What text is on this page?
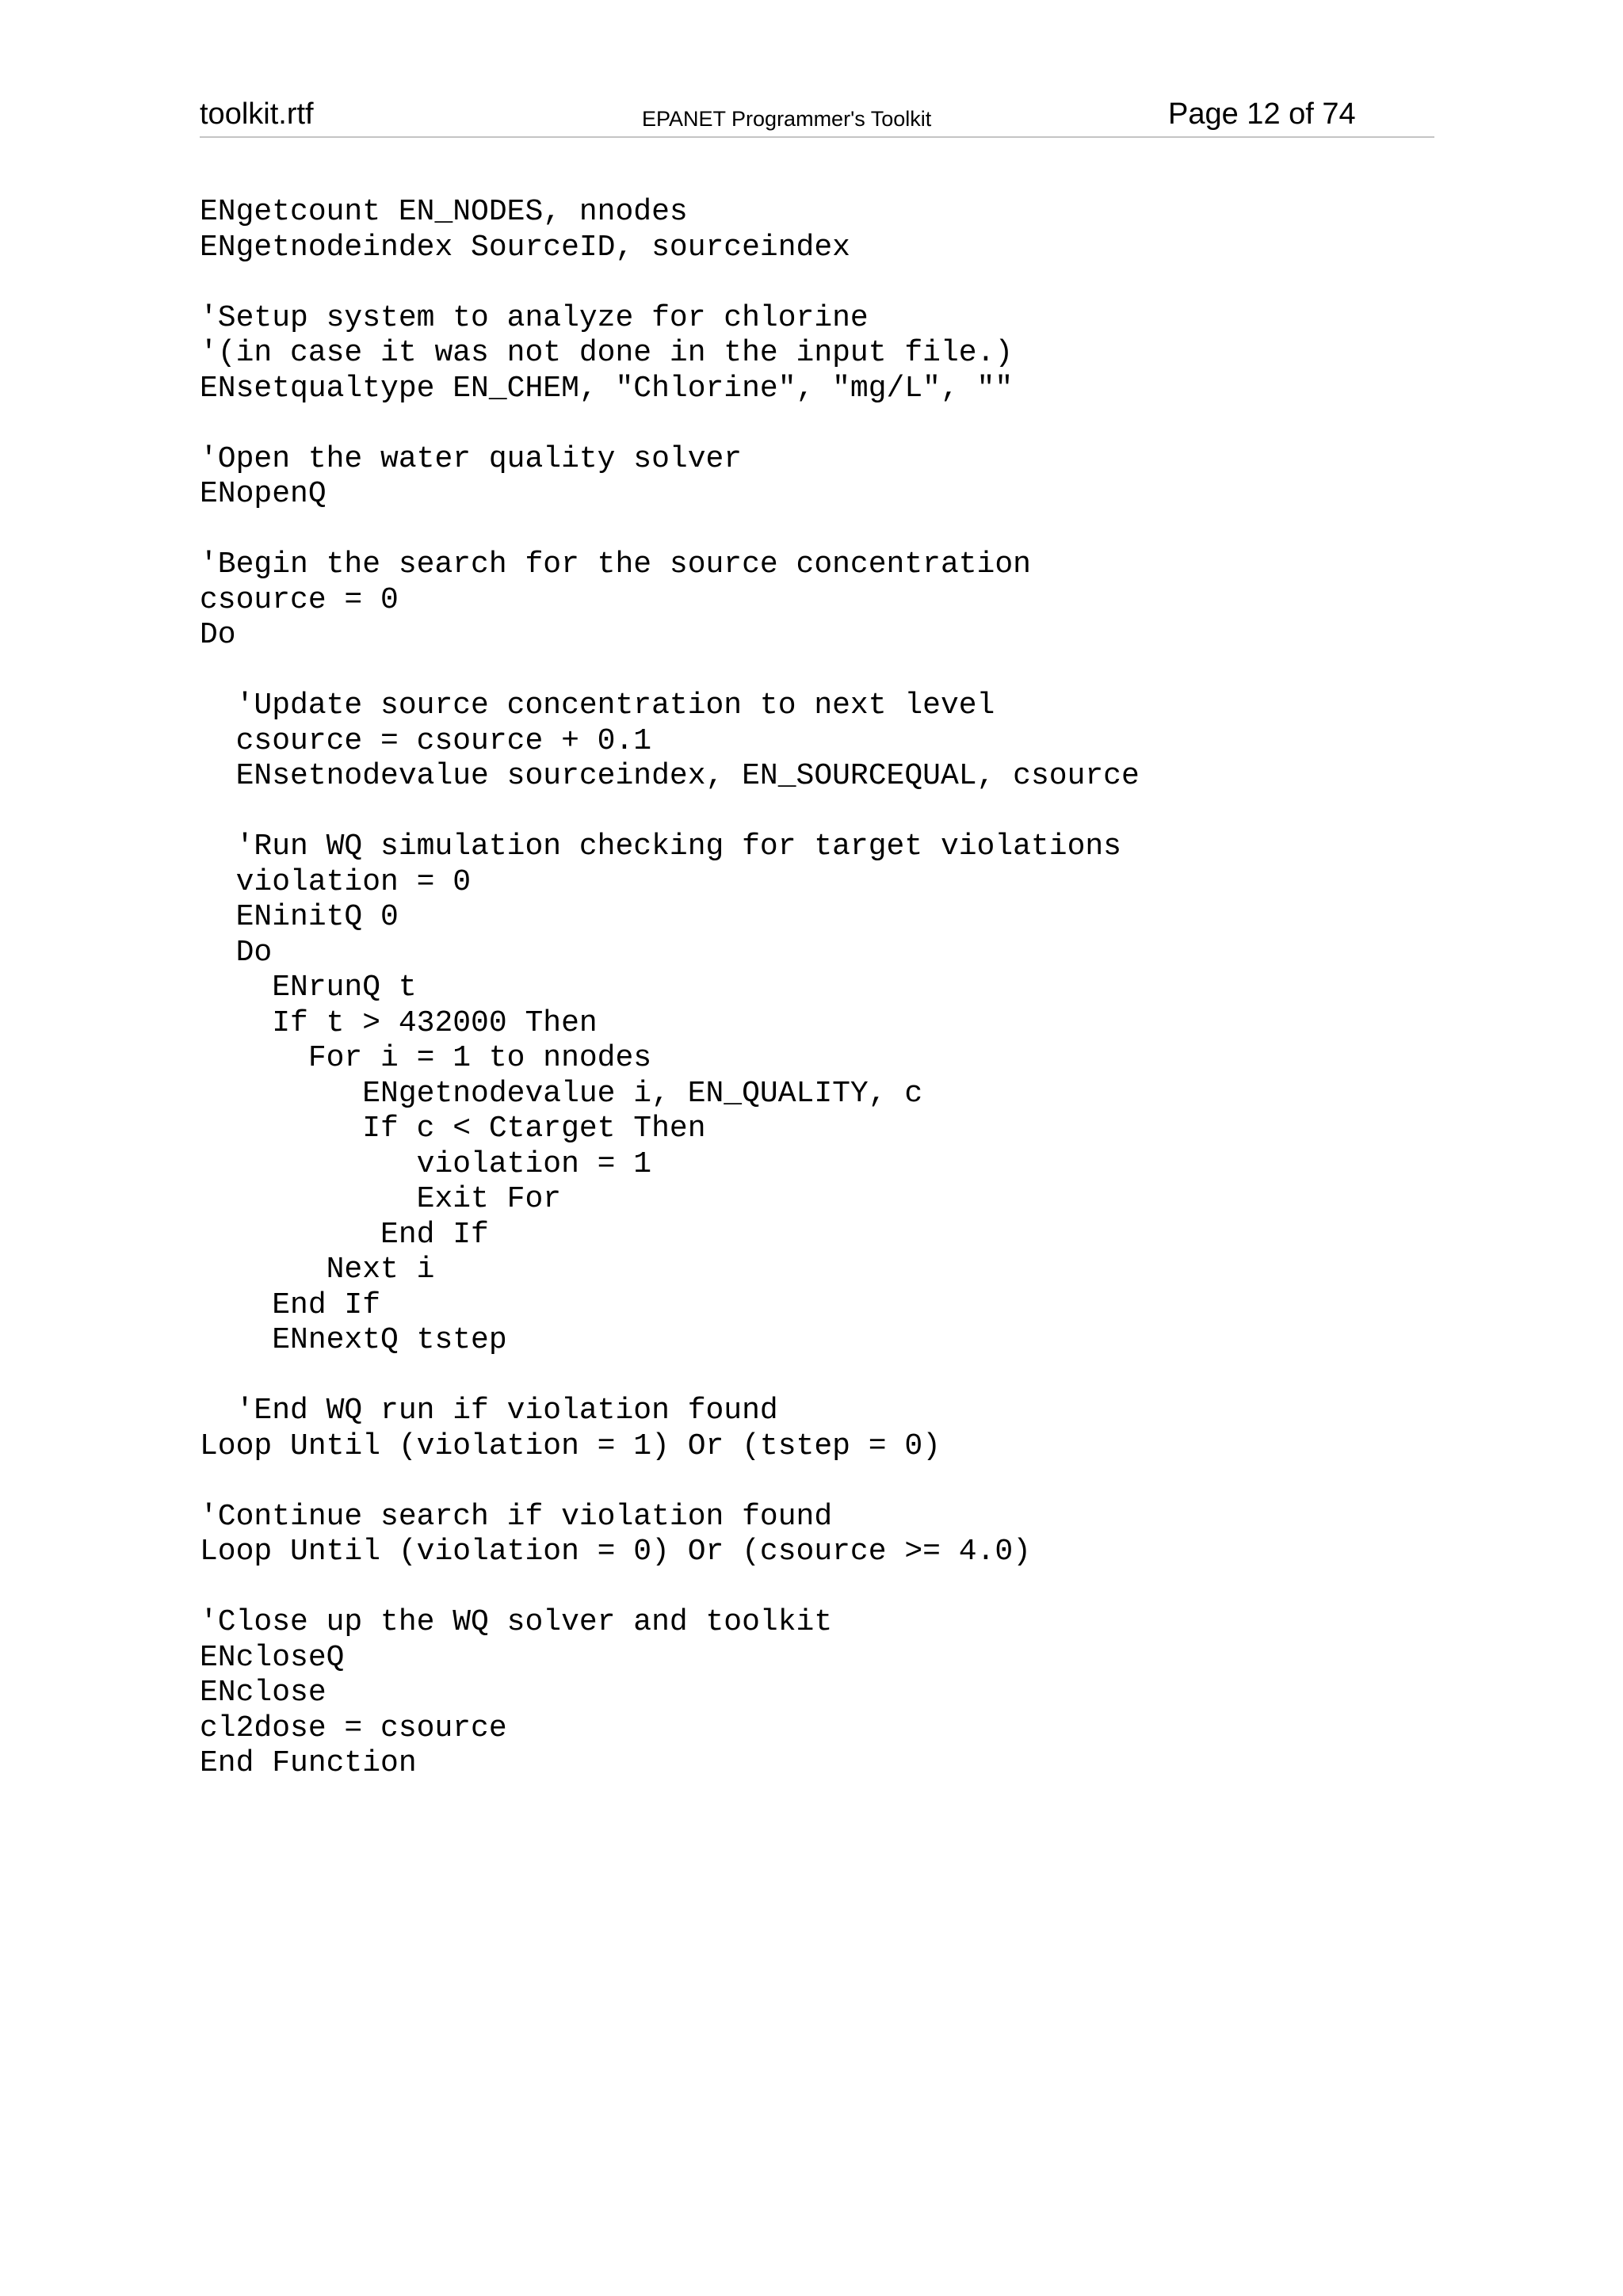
toolkit.rtf	EPANET Programmer's Toolkit	Page 12 of 74
ENgetcount EN_NODES, nnodes
ENgetnodeindex SourceID, sourceindex
'Setup system to analyze for chlorine
'(in case it was not done in the input file.)
ENsetqualtype EN_CHEM, "Chlorine", "mg/L", ""
'Open the water quality solver
ENopenQ
'Begin the search for the source concentration
csource = 0
Do
'Update source concentration to next level
csource = csource + 0.1
ENsetnodevalue sourceindex, EN_SOURCEQUAL, csource
'Run WQ simulation checking for target violations
violation = 0
ENinitQ 0
Do
ENrunQ t
If t > 432000 Then
For i = 1 to nnodes
ENgetnodevalue i, EN_QUALITY, c
If c < Ctarget Then
violation = 1
Exit For
End If
Next i
End If
ENnextQ tstep
'End WQ run if violation found
Loop Until (violation = 1) Or (tstep = 0)
'Continue search if violation found
Loop Until (violation = 0) Or (csource >= 4.0)
'Close up the WQ solver and toolkit
ENcloseQ
ENclose
cl2dose = csource
End Function
